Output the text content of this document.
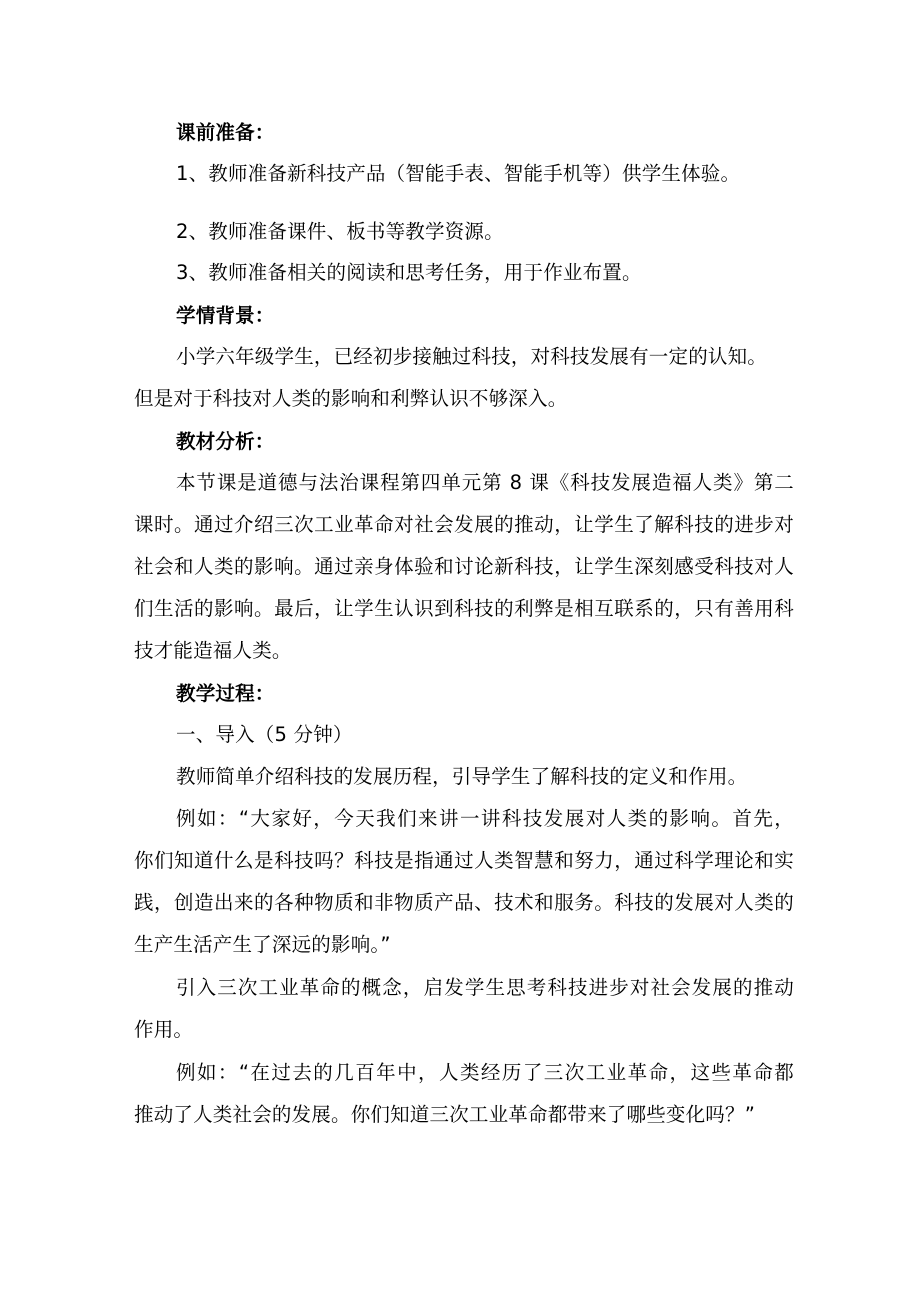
课前准备：
1、教师准备新科技产品（智能手表、智能手机等）供学生体验。
2、教师准备课件、板书等教学资源。
3、教师准备相关的阅读和思考任务，用于作业布置。
学情背景：
小学六年级学生，已经初步接触过科技，对科技发展有一定的认知。
但是对于科技对人类的影响和利弊认识不够深入。
教材分析：
本节课是道德与法治课程第四单元第 8 课《科技发展造福人类》第二
课时。通过介绍三次工业革命对社会发展的推动，让学生了解科技的进步对
社会和人类的影响。通过亲身体验和讨论新科技，让学生深刻感受科技对人
们生活的影响。最后，让学生认识到科技的利弊是相互联系的，只有善用科
技才能造福人类。
教学过程：
一、导入（5 分钟）
教师简单介绍科技的发展历程，引导学生了解科技的定义和作用。
例如：“大家好，今天我们来讲一讲科技发展对人类的影响。首先，
你们知道什么是科技吗？科技是指通过人类智慧和努力，通过科学理论和实
践，创造出来的各种物质和非物质产品、技术和服务。科技的发展对人类的
生产生活产生了深远的影响。”
引入三次工业革命的概念，启发学生思考科技进步对社会发展的推动
作用。
例如：“在过去的几百年中，人类经历了三次工业革命，这些革命都
推动了人类社会的发展。你们知道三次工业革命都带来了哪些变化吗？”
